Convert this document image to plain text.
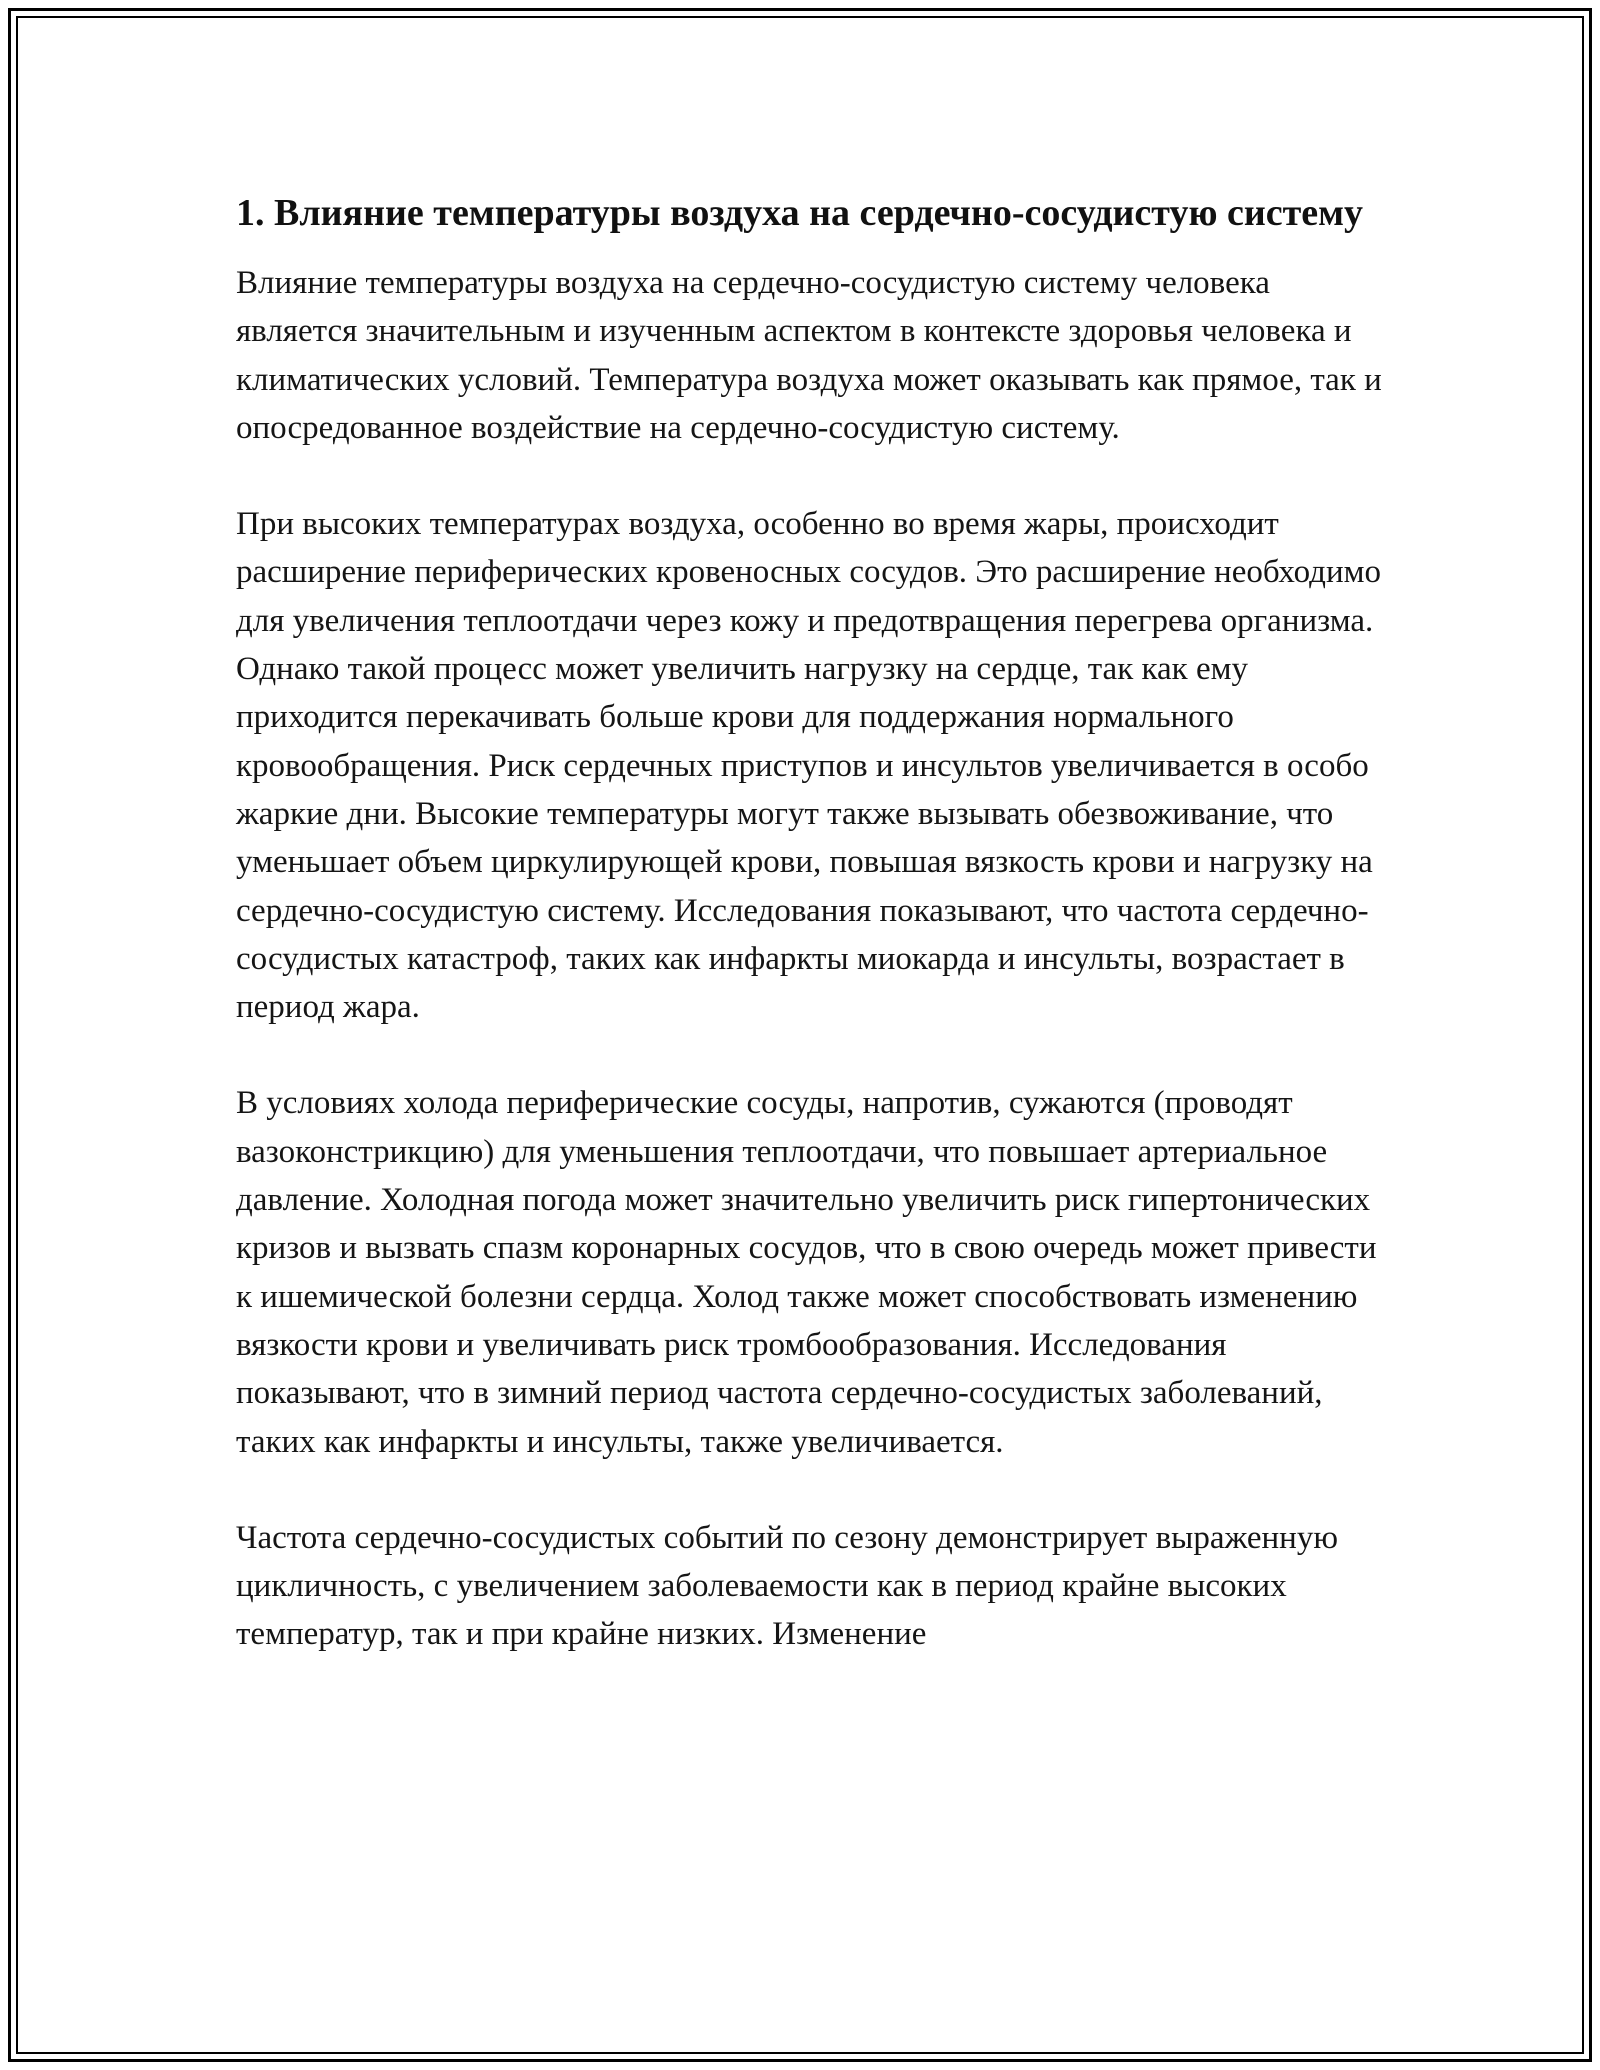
1. Влияние температуры воздуха на сердечно-сосудистую систему

Влияние температуры воздуха на сердечно-сосудистую систему человека является значительным и изученным аспектом в контексте здоровья человека и климатических условий. Температура воздуха может оказывать как прямое, так и опосредованное воздействие на сердечно-сосудистую систему.

При высоких температурах воздуха, особенно во время жары, происходит расширение периферических кровеносных сосудов. Это расширение необходимо для увеличения теплоотдачи через кожу и предотвращения перегрева организма. Однако такой процесс может увеличить нагрузку на сердце, так как ему приходится перекачивать больше крови для поддержания нормального кровообращения. Риск сердечных приступов и инсультов увеличивается в особо жаркие дни. Высокие температуры могут также вызывать обезвоживание, что уменьшает объем циркулирующей крови, повышая вязкость крови и нагрузку на сердечно-сосудистую систему. Исследования показывают, что частота сердечно-сосудистых катастроф, таких как инфаркты миокарда и инсульты, возрастает в период жара.

В условиях холода периферические сосуды, напротив, сужаются (проводят вазоконстрикцию) для уменьшения теплоотдачи, что повышает артериальное давление. Холодная погода может значительно увеличить риск гипертонических кризов и вызвать спазм коронарных сосудов, что в свою очередь может привести к ишемической болезни сердца. Холод также может способствовать изменению вязкости крови и увеличивать риск тромбообразования. Исследования показывают, что в зимний период частота сердечно-сосудистых заболеваний, таких как инфаркты и инсульты, также увеличивается.

Частота сердечно-сосудистых событий по сезону демонстрирует выраженную цикличность, с увеличением заболеваемости как в период крайне высоких температур, так и при крайне низких. Изменение
